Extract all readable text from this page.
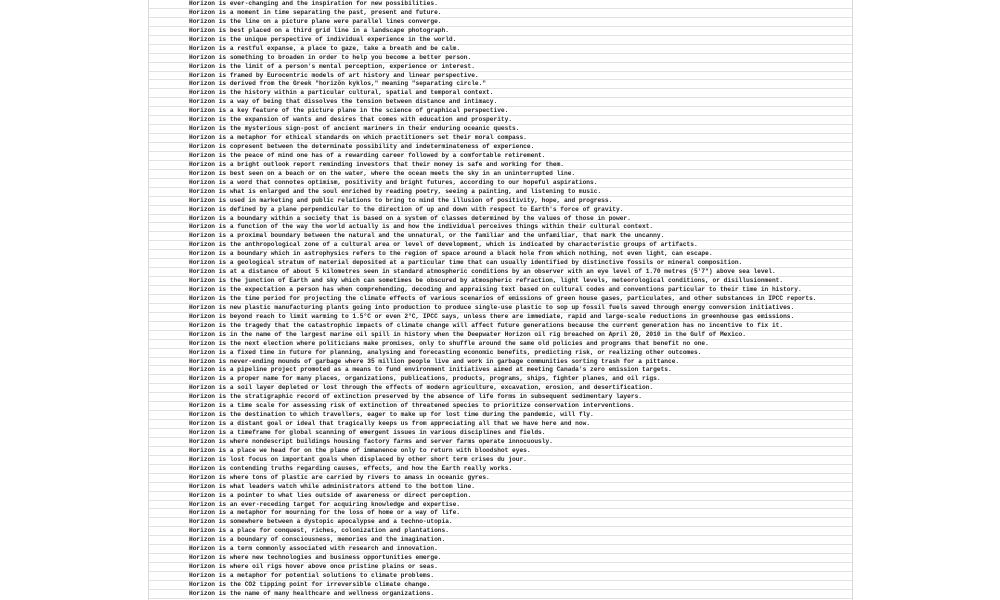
Horizon is ever-changing and the inspiration for new possibilities.
Horizon is a moment in time separating the past, present and future.
Horizon is the line on a picture plane were parallel lines converge.
Horizon is best placed on a third grid line in a landscape photograph.
Horizon is the unique perspective of individual experience in the world.
Horizon is a restful expanse, a place to gaze, take a breath and be calm.
Horizon is something to broaden in order to help you become a better person.
Horizon is the limit of a person's mental perception, experience or interest.
Horizon is framed by Eurocentric models of art history and linear perspective.
Horizon is derived from the Greek "horizōn kyklos," meaning "separating circle."
Horizon is the history within a particular cultural, spatial and temporal context.
Horizon is a way of being that dissolves the tension between distance and intimacy.
Horizon is a key feature of the picture plane in the science of graphical perspective.
Horizon is the expansion of wants and desires that comes with education and prosperity.
Horizon is the mysterious sign-post of ancient mariners in their enduring oceanic quests.
Horizon is a metaphor for ethical standards on which practitioners set their moral compass.
Horizon is copresent between the determinate possibility and indeterminateness of experience.
Horizon is the peace of mind one has of a rewarding career followed by a comfortable retirement.
Horizon is a bright outlook report reminding investors that their money is safe and working for them.
Horizon is best seen on a beach or on the water, where the ocean meets the sky in an uninterrupted line.
Horizon is a word that connotes optimism, positivity and bright futures, according to our hopeful aspirations.
Horizon is what is enlarged and the soul enriched by reading poetry, seeing a painting, and listening to music.
Horizon is used in marketing and public relations to bring to mind the illusion of positivity, hope, and progress.
Horizon is defined by a plane perpendicular to the direction of up and down with respect to Earth's force of gravity.
Horizon is a boundary within a society that is based on a system of classes determined by the values of those in power.
Horizon is a function of the way the world actually is and how the individual perceives things within their cultural context.
Horizon is a proximal boundary between the natural and the unnatural, or the familiar and the unfamiliar, that mark the uncanny.
Horizon is the anthropological zone of a cultural area or level of development, which is indicated by characteristic groups of artifacts.
Horizon is a boundary which in astrophysics refers to the region of space around a black hole from which nothing, not even light, can escape.
Horizon is a geological stratum of material deposited at a particular time that can usually identified by distinctive fossils or mineral composition.
Horizon is at a distance of about 5 kilometres seen in standard atmospheric conditions by an observer with an eye level of 1.70 metres (5'7") above sea level.
Horizon is the junction of Earth and sky which can sometimes be obscured by atmospheric refraction, light levels, meteorological conditions, or disillusionment.
Horizon is the expectation a person has when comprehending, decoding and appraising text based on cultural codes and conventions particular to their time in history.
Horizon is the time period for projecting the climate effects of various scenarios of emissions of green house gases, particulates, and other substances in IPCC reports.
Horizon is new plastic manufacturing plants going into production to produce single-use plastic to sop up fossil fuels saved through energy conversion initiatives.
Horizon is beyond reach to limit warming to 1.5°C or even 2°C, IPCC says, unless there are immediate, rapid and large-scale reductions in greenhouse gas emissions.
Horizon is the tragedy that the catastrophic impacts of climate change will affect future generations because the current generation has no incentive to fix it.
Horizon is in the name of the largest marine oil spill in history when the Deepwater Horizon oil rig breached on April 20, 2010 in the Gulf of Mexico.
Horizon is the next election where politicians make promises, only to shuffle around the same old policies and programs that benefit no one.
Horizon is a fixed time in future for planning, analysing and forecasting economic benefits, predicting risk, or realizing other outcomes.
Horizon is never-ending mounds of garbage where 35 million people live and work in garbage communities sorting trash for a pittance.
Horizon is a pipeline project promoted as a means to fund environment initiatives aimed at meeting Canada's zero emission targets.
Horizon is a proper name for many places, organizations, publications, products, programs, ships, fighter planes, and oil rigs.
Horizon is a soil layer depleted or lost through the effects of modern agriculture, excavation, erosion, and desertification.
Horizon is the stratigraphic record of extinction preserved by the absence of life forms in subsequent sedimentary layers.
Horizon is a time scale for assessing risk of extinction of threatened species to prioritize conservation interventions.
Horizon is the destination to which travellers, eager to make up for lost time during the pandemic, will fly.
Horizon is a distant goal or ideal that tragically keeps us from appreciating all that we have here and now.
Horizon is a timeframe for global scanning of emergent issues in various disciplines and fields.
Horizon is where nondescript buildings housing factory farms and server farms operate innocuously.
Horizon is a place we head for on the plane of immanence only to return with bloodshot eyes.
Horizon is lost focus on important goals when displaced by other short term crises du jour.
Horizon is contending truths regarding causes, effects, and how the Earth really works.
Horizon is where tons of plastic are carried by rivers to amass in oceanic gyres.
Horizon is what leaders watch while administrators attend to the bottom line.
Horizon is a pointer to what lies outside of awareness or direct perception.
Horizon is an ever-receding target for acquiring knowledge and expertise.
Horizon is a metaphor for mourning for the loss of home or a way of life.
Horizon is somewhere between a dystopic apocalypse and a techno-utopia.
Horizon is a place for conquest, riches, colonization and plantations.
Horizon is a boundary of consciousness, memories and the imagination.
Horizon is a term commonly associated with research and innovation.
Horizon is where new technologies and business opportunities emerge.
Horizon is where oil rigs hover above once pristine plains or seas.
Horizon is a metaphor for potential solutions to climate problems.
Horizon is the CO2 tipping point for irreversible climate change.
Horizon is the name of many healthcare and wellness organizations.
